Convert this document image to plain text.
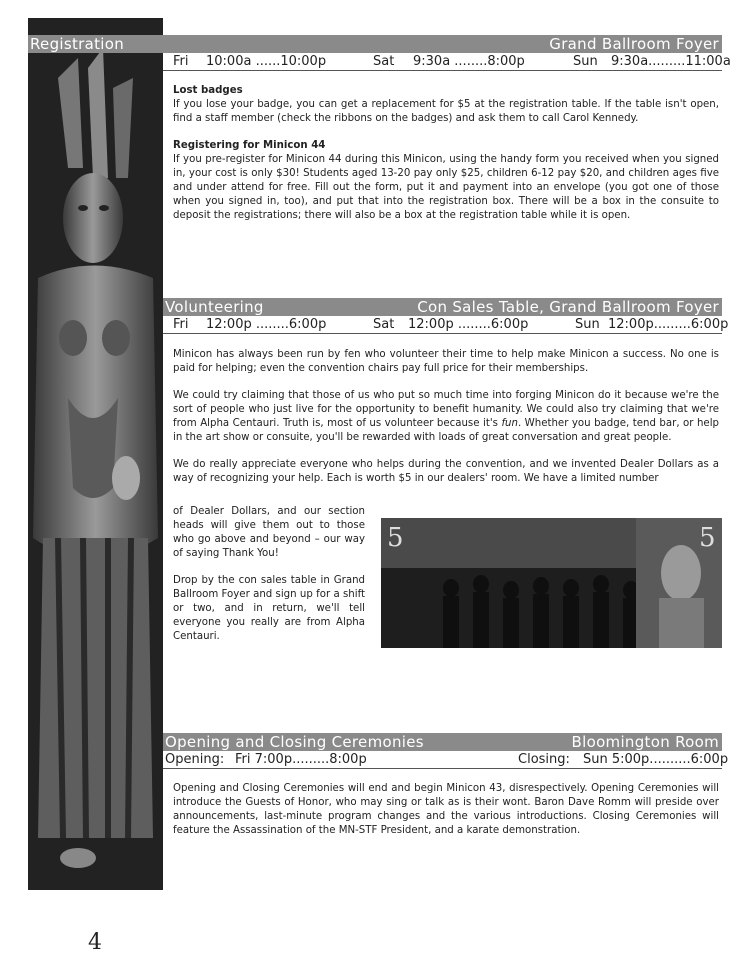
Registration	Grand Ballroom Foyer
Fri 10:00a ......10:00p	Sat 9:30a ........8:00p	Sun 9:30a.........11:00a
Lost badges

If you lose your badge, you can get a replacement for $5 at the registration table. If the table isn't open, find a staff member (check the ribbons on the badges) and ask them to call Carol Kennedy.

Registering for Minicon 44

If you pre-register for Minicon 44 during this Minicon, using the handy form you received when you signed in, your cost is only $30! Students aged 13-20 pay only $25, children 6-12 pay $20, and children ages five and under attend for free. Fill out the form, put it and payment into an envelope (you got one of those when you signed in, too), and put that into the registration box. There will be a box in the consuite to deposit the registrations; there will also be a box at the registration table while it is open.

Volunteering	Con Sales Table, Grand Ballroom Foyer
Fri 12:00p ........6:00p	Sat 12:00p ........6:00p	Sun 12:00p.........6:00p

Minicon has always been run by fen who volunteer their time to help make Minicon a success. No one is paid for helping; even the convention chairs pay full price for their memberships.

We could try claiming that those of us who put so much time into forging Minicon do it because we're the sort of people who just live for the opportunity to benefit humanity. We could also try claiming that we're from Alpha Centauri. Truth is, most of us volunteer because it's fun. Whether you badge, tend bar, or help in the art show or consuite, you'll be rewarded with loads of great conversation and great people.

We do really appreciate everyone who helps during the convention, and we invented Dealer Dollars as a way of recognizing your help. Each is worth $5 in our dealers' room. We have a limited number

of Dealer Dollars, and our section heads will give them out to those who go above and beyond – our way of saying Thank You!

Drop by the con sales table in Grand Ballroom Foyer and sign up for a shift or two, and in return, we'll tell everyone you really are from Alpha Centauri.

5	5
Opening and Closing Ceremonies	Bloomington Room
Opening: Fri 7:00p.........8:00p	Closing: Sun 5:00p..........6:00p

Opening and Closing Ceremonies will end and begin Minicon 43, disrespectively. Opening Ceremonies will introduce the Guests of Honor, who may sing or talk as is their wont. Baron Dave Romm will preside over announcements, last-minute program changes and the various introductions. Closing Ceremonies will feature the Assassination of the MN-STF President, and a karate demonstration.

4
